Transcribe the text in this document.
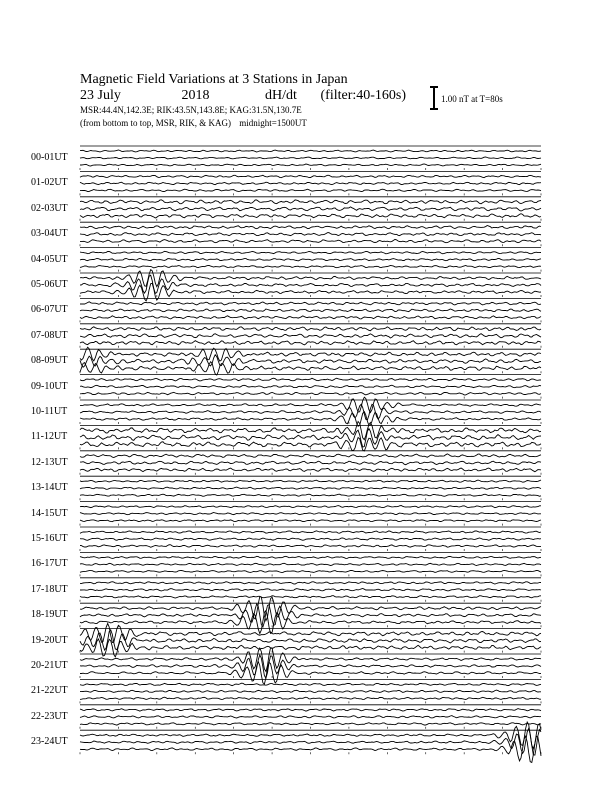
Magnetic Field Variations at 3 Stations in Japan
23 July	2018	dH/dt (filter:40-160s)
MSR:44.4N,142.3E; RIK:43.5N,143.8E; KAG:31.5N,130.7E
(from bottom to top, MSR, RIK, & KAG) midnight=1500UT
1.00 nT at T=80s
00-01UT
01-02UT
02-03UT
03-04UT
04-05UT
05-06UT
06-07UT
07-08UT
08-09UT
09-10UT
10-11UT
11-12UT
12-13UT
13-14UT
14-15UT
15-16UT
16-17UT
17-18UT
18-19UT
19-20UT
20-21UT
21-22UT
22-23UT
23-24UT
